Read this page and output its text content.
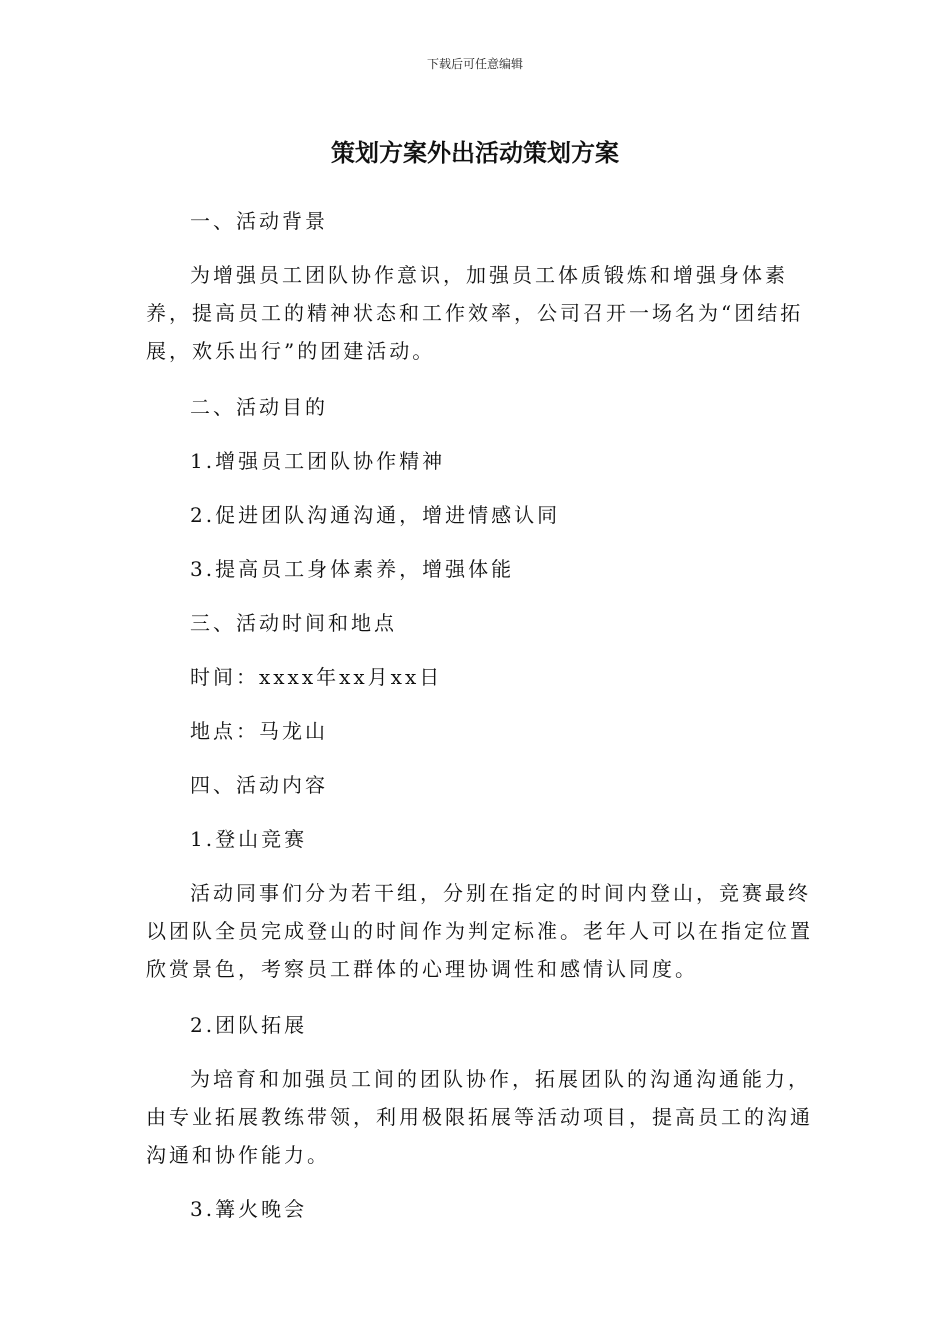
下载后可任意编辑
策划方案外出活动策划方案

一、活动背景

为增强员工团队协作意识，加强员工体质锻炼和增强身体素养，提高员工的精神状态和工作效率，公司召开一场名为“团结拓展，欢乐出行”的团建活动。

二、活动目的

1.增强员工团队协作精神

2.促进团队沟通沟通，增进情感认同

3.提高员工身体素养，增强体能

三、活动时间和地点

时间：xxxx年xx月xx日

地点：马龙山

四、活动内容

1.登山竞赛

活动同事们分为若干组，分别在指定的时间内登山，竞赛最终以团队全员完成登山的时间作为判定标准。老年人可以在指定位置欣赏景色，考察员工群体的心理协调性和感情认同度。

2.团队拓展

为培育和加强员工间的团队协作，拓展团队的沟通沟通能力，由专业拓展教练带领，利用极限拓展等活动项目，提高员工的沟通沟通和协作能力。

3.篝火晚会
